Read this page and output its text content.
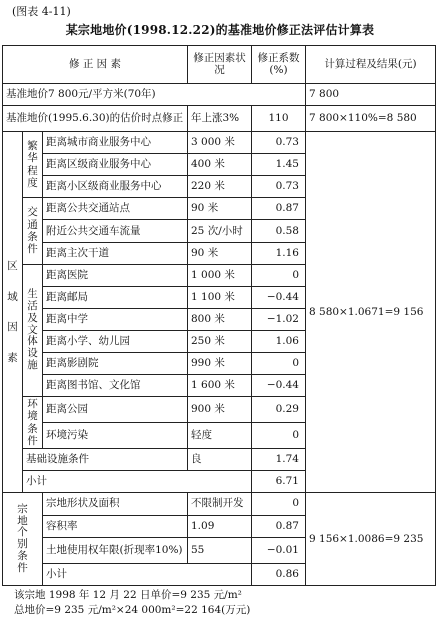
(图表 4-11)
某宗地地价(1998.12.22)的基准地价修正法评估计算表
修 正 因 素			修正因素状况	修正系数(%)	计算过程及结果(元)
基准地价7 800元/平方米(70年)					7 800
基准地价(1995.6.30)的估价时点修正			年上涨3%	110	7 800×110%=8 580
区域因素	繁华程度	距离城市商业服务中心	3 000 米	0.73	8 580×1.0671=9 156
		距离区级商业服务中心	400 米	1.45	
		距离小区级商业服务中心	220 米	0.73	
	交通条件	距离公共交通站点	90 米	0.87	
		附近公共交通车流量	25 次/小时	0.58	
		距离主次干道	90 米	1.16	
	生活及文体设施	距离医院	1 000 米	0	
		距离邮局	1 100 米	−0.44	
		距离中学	800 米	−1.02	
		距离小学、幼儿园	250 米	1.06	
		距离影剧院	990 米	0	
		距离图书馆、文化馆	1 600 米	−0.44	
	环境条件	距离公园	900 米	0.29	
		环境污染	轻度	0	
	基础设施条件		良	1.74	
	小计			6.71	
宗地个别条件		宗地形状及面积	不限制开发	0	9 156×1.0086=9 235
		容积率	1.09	0.87	
		土地使用权年限(折现率10%)	55	−0.01	
		小计		0.86	
该宗地 1998 年 12 月 22 日单价=9 235 元/m²
总地价=9 235 元/m²×24 000m²=22 164(万元)
